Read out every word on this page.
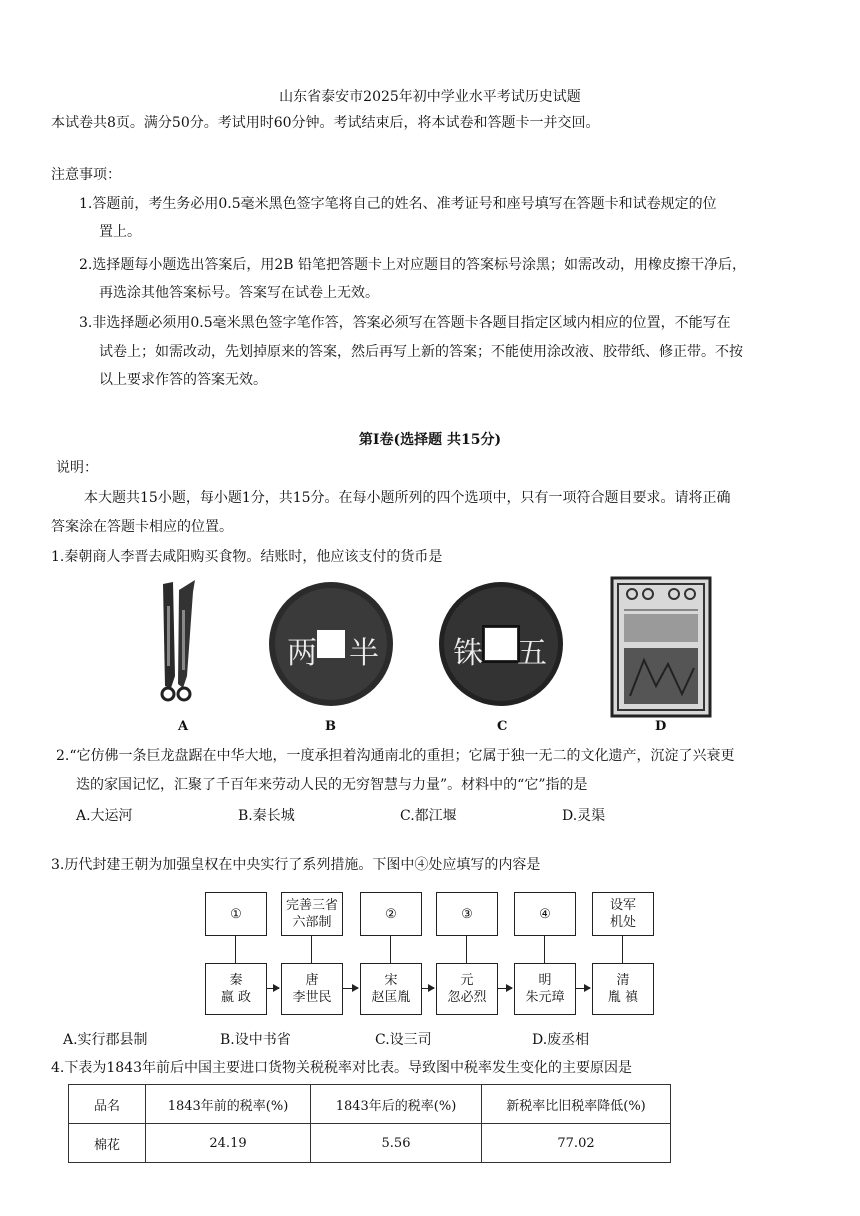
山东省泰安市2025年初中学业水平考试历史试题
本试卷共8页。满分50分。考试用时60分钟。考试结束后，将本试卷和答题卡一并交回。
注意事项：
1.答题前，考生务必用0.5毫米黑色签字笔将自己的姓名、准考证号和座号填写在答题卡和试卷规定的位
置上。
2.选择题每小题选出答案后，用2B 铅笔把答题卡上对应题目的答案标号涂黑；如需改动，用橡皮擦干净后，
再选涂其他答案标号。答案写在试卷上无效。
3.非选择题必须用0.5毫米黑色签字笔作答，答案必须写在答题卡各题目指定区域内相应的位置，不能写在
试卷上；如需改动，先划掉原来的答案，然后再写上新的答案；不能使用涂改液、胶带纸、修正带。不按
以上要求作答的答案无效。
第Ⅰ卷(选择题 共15分)
说明：
本大题共15小题，每小题1分，共15分。在每小题所列的四个选项中，只有一项符合题目要求。请将正确
答案涂在答题卡相应的位置。
1.秦朝商人李晋去咸阳购买食物。结账时，他应该支付的货币是
A
两 半
B
铢 五
C	D
2.“它仿佛一条巨龙盘踞在中华大地，一度承担着沟通南北的重担；它属于独一无二的文化遗产，沉淀了兴衰更
迭的家国记忆，汇聚了千百年来劳动人民的无穷智慧与力量”。材料中的“它”指的是
A.大运河	B.秦长城	C.都江堰	D.灵渠
3.历代封建王朝为加强皇权在中央实行了系列措施。下图中④处应填写的内容是
①
完善三省
六部制
②	③	④
设军
机处
秦
嬴 政
唐
李世民
宋
赵匡胤
元
忽必烈
明
朱元璋
清
胤 禛
A.实行郡县制	B.设中书省	C.设三司	D.废丞相
4.下表为1843年前后中国主要进口货物关税税率对比表。导致图中税率发生变化的主要原因是
品名	1843年前的税率(%)	1843年后的税率(%)	新税率比旧税率降低(%)
棉花	24.19	5.56	77.02
